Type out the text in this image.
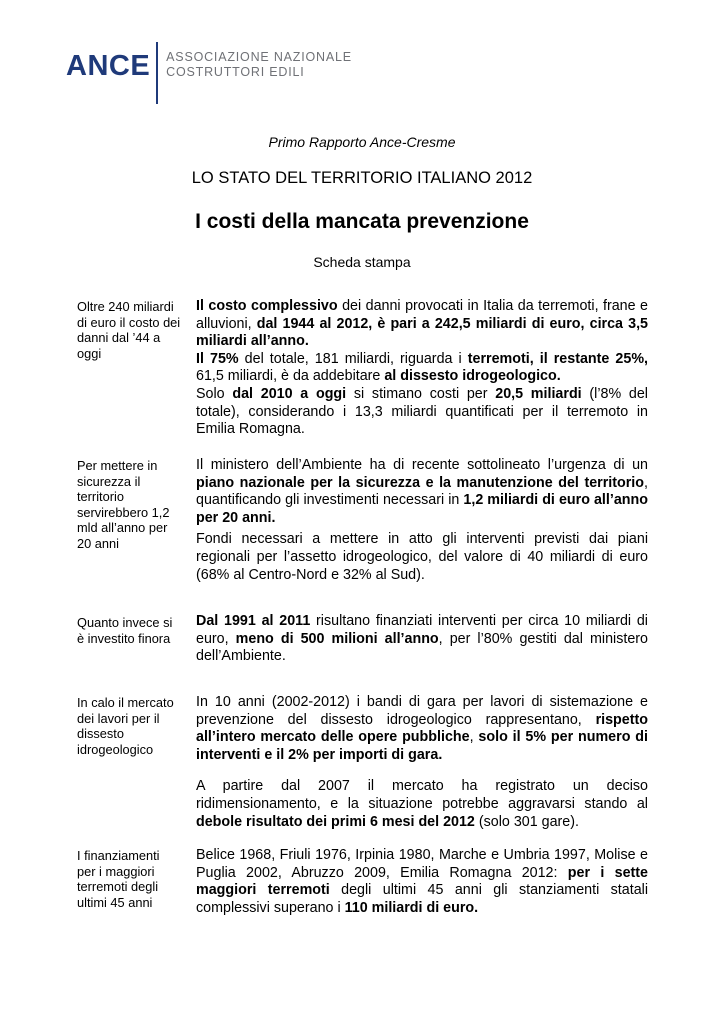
ANCE ASSOCIAZIONE NAZIONALE
COSTRUTTORI EDILI
Primo Rapporto Ance-Cresme
LO STATO DEL TERRITORIO ITALIANO 2012
I costi della mancata prevenzione
Scheda stampa
Oltre 240 miliardi di euro il costo dei danni dal ’44 a oggi

Il costo complessivo dei danni provocati in Italia da terremoti, frane e alluvioni, dal 1944 al 2012, è pari a 242,5 miliardi di euro, circa 3,5 miliardi all’anno.

Il 75% del totale, 181 miliardi, riguarda i terremoti, il restante 25%, 61,5 miliardi, è da addebitare al dissesto idrogeologico.

Solo dal 2010 a oggi si stimano costi per 20,5 miliardi (l’8% del totale), considerando i 13,3 miliardi quantificati per il terremoto in Emilia Romagna.

Per mettere in sicurezza il territorio servirebbero 1,2 mld all’anno per 20 anni

Il ministero dell’Ambiente ha di recente sottolineato l’urgenza di un piano nazionale per la sicurezza e la manutenzione del territorio, quantificando gli investimenti necessari in 1,2 miliardi di euro all’anno per 20 anni.

Fondi necessari a mettere in atto gli interventi previsti dai piani regionali per l’assetto idrogeologico, del valore di 40 miliardi di euro (68% al Centro-Nord e 32% al Sud).

Quanto invece si è investito finora

Dal 1991 al 2011 risultano finanziati interventi per circa 10 miliardi di euro, meno di 500 milioni all’anno, per l’80% gestiti dal ministero dell’Ambiente.

In calo il mercato dei lavori per il dissesto idrogeologico

In 10 anni (2002-2012) i bandi di gara per lavori di sistemazione e prevenzione del dissesto idrogeologico rappresentano, rispetto all’intero mercato delle opere pubbliche, solo il 5% per numero di interventi e il 2% per importi di gara.

A partire dal 2007 il mercato ha registrato un deciso ridimensionamento, e la situazione potrebbe aggravarsi stando al debole risultato dei primi 6 mesi del 2012 (solo 301 gare).

I finanziamenti per i maggiori terremoti degli ultimi 45 anni

Belice 1968, Friuli 1976, Irpinia 1980, Marche e Umbria 1997, Molise e Puglia 2002, Abruzzo 2009, Emilia Romagna 2012: per i sette maggiori terremoti degli ultimi 45 anni gli stanziamenti statali complessivi superano i 110 miliardi di euro.
